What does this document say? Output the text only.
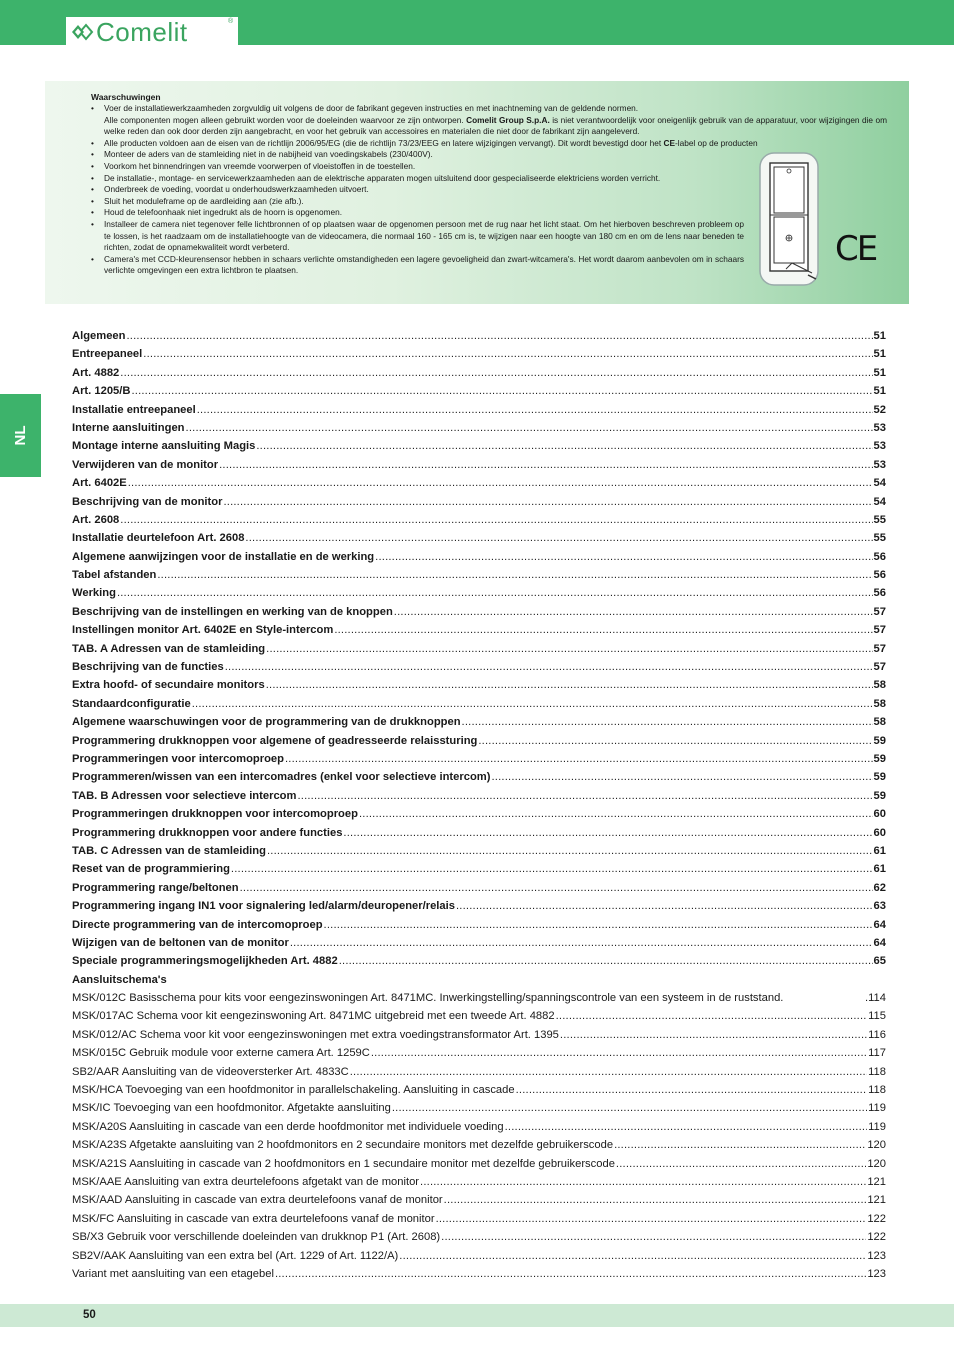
Comelit	®
Waarschuwingen
• Voer de installatiewerkzaamheden zorgvuldig uit volgens de door de fabrikant gegeven instructies en met inachtneming van de geldende normen.
Alle componenten mogen alleen gebruikt worden voor de doeleinden waarvoor ze zijn ontworpen. Comelit Group S.p.A. is niet verantwoordelijk voor oneigenlijk gebruik van de apparatuur, voor wijzigingen die om welke reden dan ook door derden zijn aangebracht, en voor het gebruik van accessoires en materialen die niet door de fabrikant zijn aangeleverd.
• Alle producten voldoen aan de eisen van de richtlijn 2006/95/EG (die de richtlijn 73/23/EEG en latere wijzigingen vervangt). Dit wordt bevestigd door het CE-label op de producten
• Monteer de aders van de stamleiding niet in de nabijheid van voedingskabels (230/400V).
• Voorkom het binnendringen van vreemde voorwerpen of vloeistoffen in de toestellen.
• De installatie-, montage- en servicewerkzaamheden aan de elektrische apparaten mogen uitsluitend door gespecialiseerde elektriciens worden verricht.
• Onderbreek de voeding, voordat u onderhoudswerkzaamheden uitvoert.
• Sluit het moduleframe op de aardleiding aan (zie afb.).
• Houd de telefoonhaak niet ingedrukt als de hoorn is opgenomen.
• Installeer de camera niet tegenover felle lichtbronnen of op plaatsen waar de opgenomen persoon met de rug naar het licht staat. Om het hierboven beschreven probleem op te lossen, is het raadzaam om de installatiehoogte van de videocamera, die normaal 160 - 165 cm is, te wijzigen naar een hoogte van 180 cm en om de lens naar beneden te richten, zodat de opnamekwaliteit wordt verbeterd.
• Camera's met CCD-kleurensensor hebben in schaars verlichte omstandigheden een lagere gevoeligheid dan zwart-witcamera's. Het wordt daarom aanbevolen om in schaars verlichte omgevingen een extra lichtbron te plaatsen.
CE
NL
Algemeen .....	51
Entreepaneel .....	51
Art. 4882 .....	51
Art. 1205/B .....	51
Installatie entreepaneel .....	52
Interne aansluitingen .....	53
Montage interne aansluiting Magis .....	53
Verwijderen van de monitor .....	53
Art. 6402E .....	54
Beschrijving van de monitor .....	54
Art. 2608 .....	55
Installatie deurtelefoon Art. 2608 .....	55
Algemene aanwijzingen voor de installatie en de werking .....	56
Tabel afstanden .....	56
Werking .....	56
Beschrijving van de instellingen en werking van de knoppen .....	57
Instellingen monitor Art. 6402E en Style-intercom .....	57
TAB. A Adressen van de stamleiding .....	57
Beschrijving van de functies .....	57
Extra hoofd- of secundaire monitors .....	58
Standaardconfiguratie .....	58
Algemene waarschuwingen voor de programmering van de drukknoppen .....	58
Programmering drukknoppen voor algemene of geadresseerde relaissturing .....	59
Programmeringen voor intercomoproep .....	59
Programmeren/wissen van een intercomadres (enkel voor selectieve intercom) .....	59
TAB. B Adressen voor selectieve intercom .....	59
Programmeringen drukknoppen voor intercomoproep .....	60
Programmering drukknoppen voor andere functies .....	60
TAB. C Adressen van de stamleiding .....	61
Reset van de programmiering .....	61
Programmering range/beltonen .....	62
Programmering ingang IN1 voor signalering led/alarm/deuropener/relais .....	63
Directe programmering van de intercomoproep .....	64
Wijzigen van de beltonen van de monitor .....	64
Speciale programmeringsmogelijkheden Art. 4882 .....	65
Aansluitschema's
MSK/012C Basisschema pour kits voor eengezinswoningen Art. 8471MC. Inwerkingstelling/spanningscontrole van een systeem in de ruststand.	.114
MSK/017AC Schema voor kit eengezinswoning Art. 8471MC uitgebreid met een tweede Art. 4882 .....	115
MSK/012/AC Schema voor kit voor eengezinswoningen met extra voedingstransformator Art. 1395 .....	116
MSK/015C Gebruik module voor externe camera Art. 1259C .....	117
SB2/AAR Aansluiting van de videoversterker Art. 4833C .....	118
MSK/HCA Toevoeging van een hoofdmonitor in parallelschakeling. Aansluiting in cascade .....	118
MSK/IC Toevoeging van een hoofdmonitor. Afgetakte aansluiting .....	119
MSK/A20S Aansluiting in cascade van een derde hoofdmonitor met individuele voeding .....	119
MSK/A23S Afgetakte aansluiting van 2 hoofdmonitors en 2 secundaire monitors met dezelfde gebruikerscode .....	120
MSK/A21S Aansluiting in cascade van 2 hoofdmonitors en 1 secundaire monitor met dezelfde gebruikerscode .....	120
MSK/AAE Aansluiting van extra deurtelefoons afgetakt van de monitor .....	121
MSK/AAD Aansluiting in cascade van extra deurtelefoons vanaf de monitor .....	121
MSK/FC Aansluiting in cascade van extra deurtelefoons vanaf de monitor .....	122
SB/X3 Gebruik voor verschillende doeleinden van drukknop P1 (Art. 2608) .....	122
SB2V/AAK Aansluiting van een extra bel (Art. 1229 of Art. 1122/A) .....	123
Variant met aansluiting van een etagebel .....	123
50
